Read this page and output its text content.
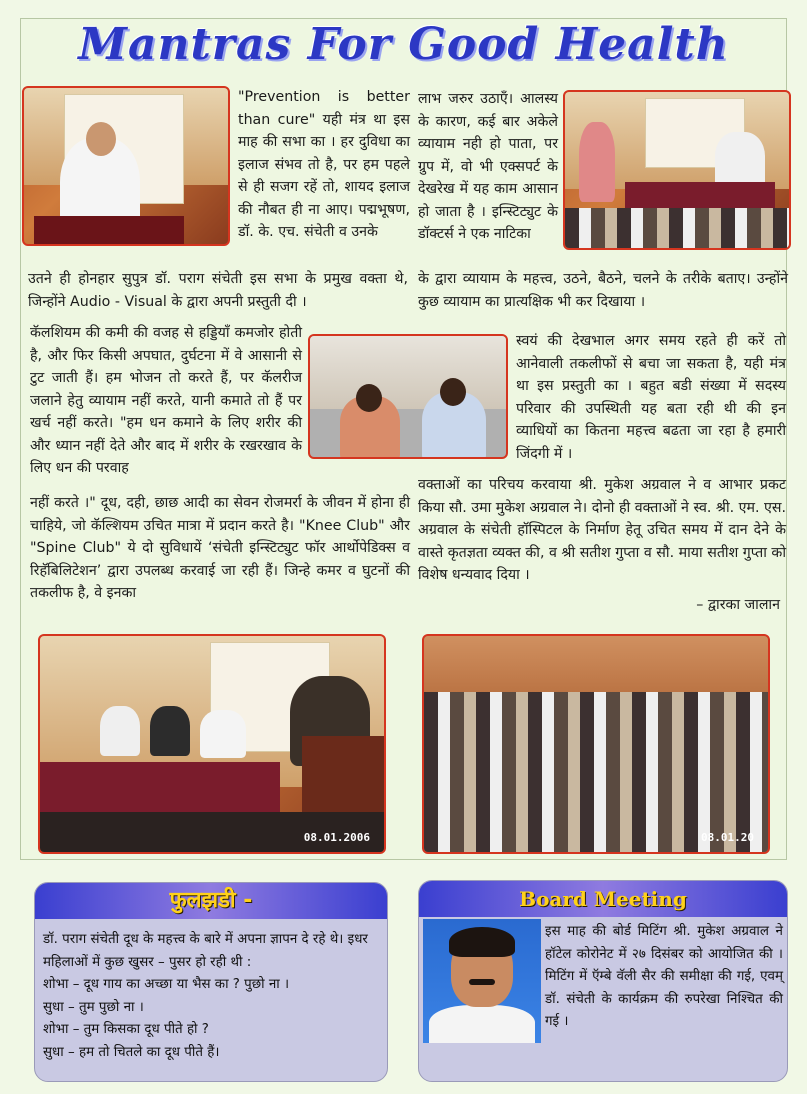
Mantras For Good Health
"Prevention is better than cure" यही मंत्र था इस माह की सभा का । हर दुविधा का इलाज संभव तो है, पर हम पहले से ही सजग रहें तो, शायद इलाज की नौबत ही ना आए। पद्मभूषण, डॉ. के. एच. संचेती व उनके
लाभ जरुर उठाएँ। आलस्य के कारण, कई बार अकेले व्यायाम नही हो पाता, पर ग्रुप में, वो भी एक्सपर्ट के देखरेख में यह काम आसान हो जाता है । इन्स्टिट्युट के डॉक्टर्स ने एक नाटिका
उतने ही होनहार सुपुत्र डॉ. पराग संचेती इस सभा के प्रमुख वक्ता थे, जिन्होंने Audio - Visual के द्वारा अपनी प्रस्तुती दी ।
के द्वारा व्यायाम के महत्त्व, उठने, बैठने, चलने के तरीके बताए। उन्होंने कुछ व्यायाम का प्रात्यक्षिक भी कर दिखाया ।
कॅलशियम की कमी की वजह से हड्डियाँ कमजोर होती है, और फिर किसी अपघात, दुर्घटना में वे आसानी से टुट जाती हैं। हम भोजन तो करते हैं, पर कॅलरीज जलाने हेतु व्यायाम नहीं करते, यानी कमाते तो हैं पर खर्च नहीं करते। "हम धन कमाने के लिए शरीर की और ध्यान नहीं देते और बाद में शरीर के रखरखाव के लिए धन की परवाह
स्वयं की देखभाल अगर समय रहते ही करें तो आनेवाली तकलीफों से बचा जा सकता है, यही मंत्र था इस प्रस्तुती का । बहुत बडी संख्या में सदस्य परिवार की उपस्थिती यह बता रही थी की इन व्याधियों का कितना महत्त्व बढता जा रहा है हमारी जिंदगी में ।
नहीं करते ।" दूध, दही, छाछ आदी का सेवन रोजमर्रा के जीवन में होना ही चाहिये, जो कॅल्शियम उचित मात्रा में प्रदान करते है। "Knee Club" और "Spine Club" ये दो सुविधायें ‘संचेती इन्स्टिट्युट फॉर आर्थोपेडिक्स व रिहॅबिलिटेशन’ द्वारा उपलब्ध करवाई जा रही हैं। जिन्हे कमर व घुटनों की तकलीफ है, वे इनका
वक्ताओं का परिचय करवाया श्री. मुकेश अग्रवाल ने व आभार प्रकट किया सौ. उमा मुकेश अग्रवाल ने। दोनो ही वक्ताओं ने स्व. श्री. एम. एस. अग्रवाल के संचेती हॉस्पिटल के निर्माण हेतू उचित समय में दान देने के वास्ते कृतज्ञता व्यक्त की, व श्री सतीश गुप्ता व सौ. माया सतीश गुप्ता को विशेष धन्यवाद दिया ।
– द्वारका जालान
08.01.2006	08.01.20
फुलझडी -

डॉ. पराग संचेती दूध के महत्त्व के बारे में अपना ज्ञापन दे रहे थे। इधर महिलाओं में कुछ खुसर – पुसर हो रही थी :

शोभा – दूध गाय का अच्छा या भैस का ? पुछो ना ।

सुधा – तुम पुछो ना ।

शोभा – तुम किसका दूध पीते हो ?

सुधा – हम तो चितले का दूध पीते हैं।

Board Meeting
इस माह की बोर्ड मिटिंग श्री. मुकेश अग्रवाल ने हॉटेल कोरोनेट में २७ दिसंबर को आयोजित की । मिटिंग में ऍम्बे वॅली सैर की समीक्षा की गई, एवम् डॉ. संचेती के कार्यक्रम की रुपरेखा निश्चित की गई ।
